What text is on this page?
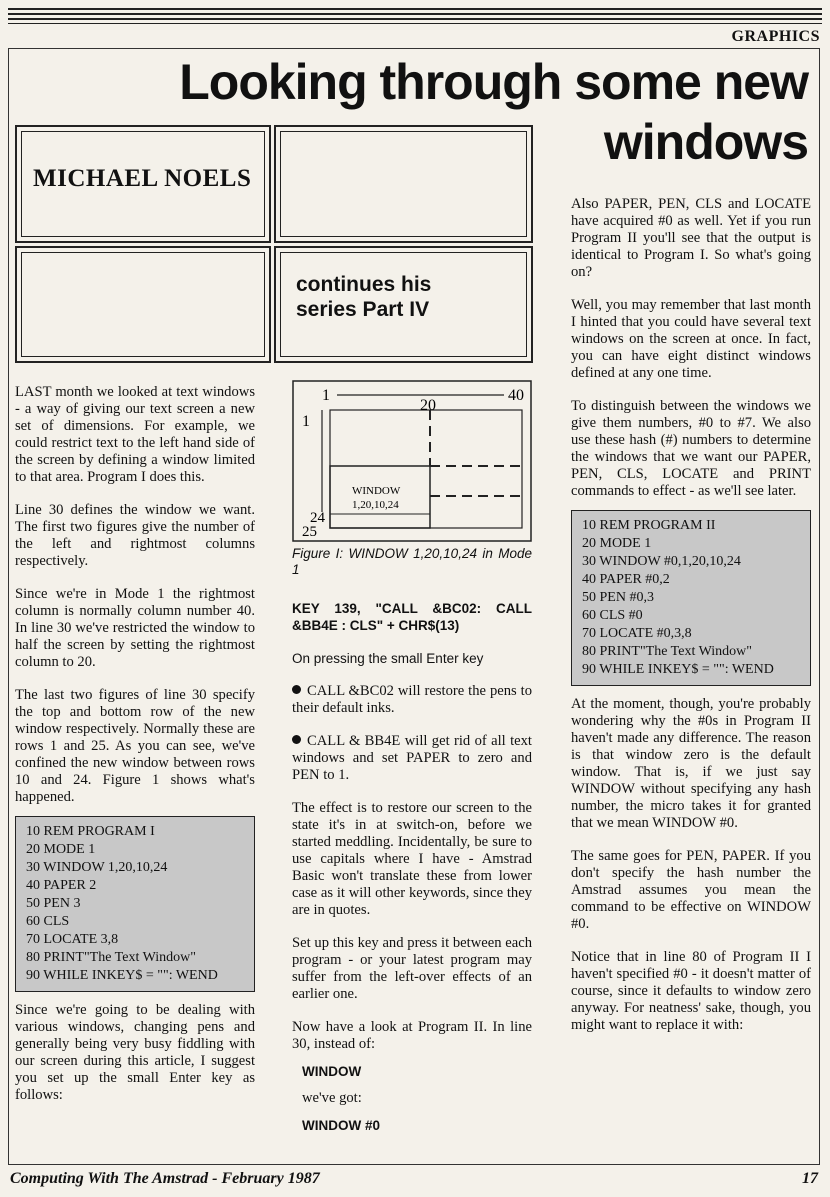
GRAPHICS
Looking through some new
windows
MICHAEL NOELS
continues his
series Part IV

LAST month we looked at text windows - a way of giving our text screen a new set of dimensions. For example, we could restrict text to the left hand side of the screen by defining a window limited to that area. Program I does this.

Line 30 defines the window we want. The first two figures give the number of the left and rightmost columns respectively.

Since we're in Mode 1 the rightmost column is normally column number 40. In line 30 we've restricted the window to half the screen by setting the rightmost column to 20.

The last two figures of line 30 specify the top and bottom row of the new window respectively. Normally these are rows 1 and 25. As you can see, we've confined the new window between rows 10 and 24. Figure 1 shows what's happened.

10 REM PROGRAM I
20 MODE 1
30 WINDOW 1,20,10,24
40 PAPER 2
50 PEN 3
60 CLS
70 LOCATE 3,8
80 PRINT"The Text Window"
90 WHILE INKEY$ = "": WEND

Since we're going to be dealing with various windows, changing pens and generally being very busy fiddling with our screen during this article, I suggest you set up the small Enter key as follows:

1
20
40
1
24
25
WINDOW
1,20,10,24
Figure I: WINDOW 1,20,10,24 in Mode 1

KEY 139, "CALL &BC02: CALL &BB4E : CLS" + CHR$(13)

On pressing the small Enter key

CALL &BC02 will restore the pens to their default inks.

CALL & BB4E will get rid of all text windows and set PAPER to zero and PEN to 1.

The effect is to restore our screen to the state it's in at switch-on, before we started meddling. Incidentally, be sure to use capitals where I have - Amstrad Basic won't translate these from lower case as it will other keywords, since they are in quotes.

Set up this key and press it between each program - or your latest program may suffer from the left-over effects of an earlier one.

Now have a look at Program II. In line 30, instead of:

WINDOW

we've got:

WINDOW #0

Also PAPER, PEN, CLS and LOCATE have acquired #0 as well. Yet if you run Program II you'll see that the output is identical to Program I. So what's going on?

Well, you may remember that last month I hinted that you could have several text windows on the screen at once. In fact, you can have eight distinct windows defined at any one time.

To distinguish between the windows we give them numbers, #0 to #7. We also use these hash (#) numbers to determine the windows that we want our PAPER, PEN, CLS, LOCATE and PRINT commands to effect - as we'll see later.

10 REM PROGRAM II
20 MODE 1
30 WINDOW #0,1,20,10,24
40 PAPER #0,2
50 PEN #0,3
60 CLS #0
70 LOCATE #0,3,8
80 PRINT"The Text Window"
90 WHILE INKEY$ = "": WEND

At the moment, though, you're probably wondering why the #0s in Program II haven't made any difference. The reason is that window zero is the default window. That is, if we just say WINDOW without specifying any hash number, the micro takes it for granted that we mean WINDOW #0.

The same goes for PEN, PAPER. If you don't specify the hash number the Amstrad assumes you mean the command to be effective on WINDOW #0.

Notice that in line 80 of Program II I haven't specified #0 - it doesn't matter of course, since it defaults to window zero anyway. For neatness' sake, though, you might want to replace it with:

Computing With The Amstrad - February 1987	17
